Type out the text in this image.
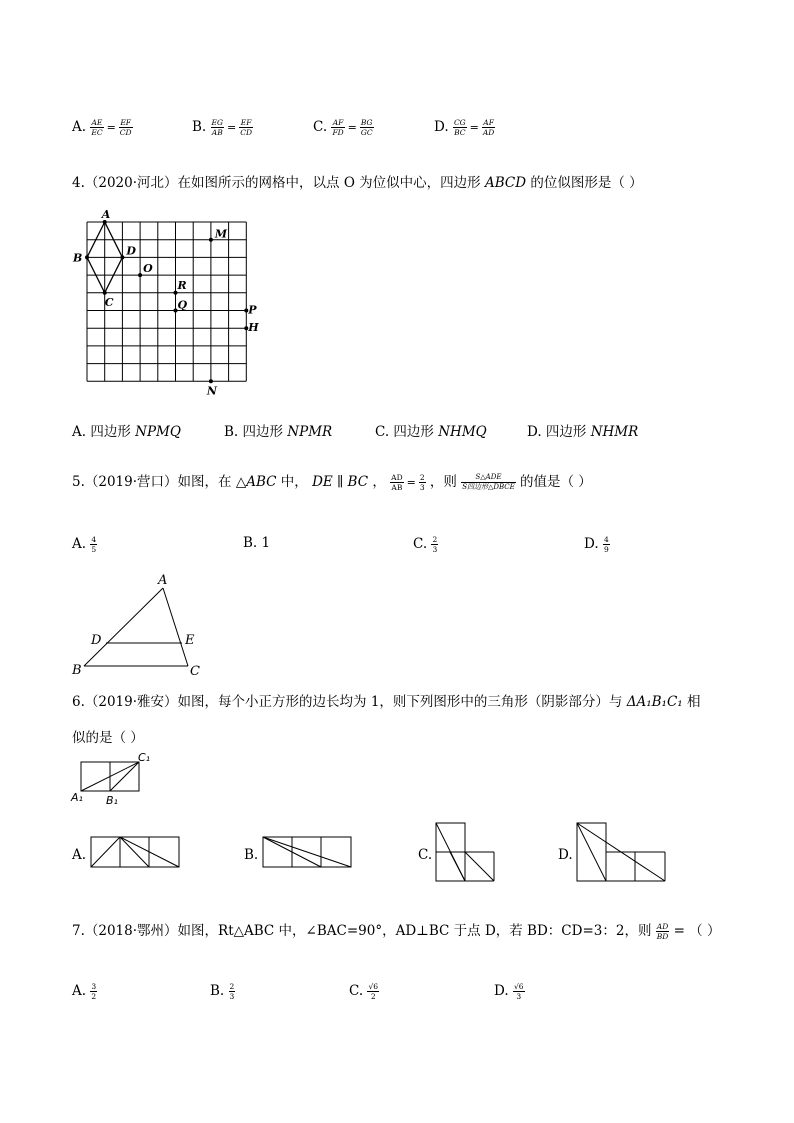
A. $\frac{AE}{EC} = \frac{EF}{CD}$	B. $\frac{EG}{AB} = \frac{EF}{CD}$	C. $\frac{AF}{FD} = \frac{BG}{GC}$	D. $\frac{CG}{BC} = \frac{AF}{AD}$
4.（2020·河北）在如图所示的网格中，以点 O 为位似中心，四边形 ABCD 的位似图形是（ ）
A
B
C
D
O
M
R
Q	P
H
N
A. 四边形 NPMQ	B. 四边形 NPMR	C. 四边形 NHMQ	D. 四边形 NHMR
5.（2019·营口）如图，在 △ABC 中， DE ∥ BC ， $\frac{AD}{AB} = \frac{2}{3}$ ，则 $\frac{\text{S△ADE}}{\text{S四边形△DBCE}}$ 的值是（ ）
A. $\frac{4}{5}$	B. 1	C. $\frac{2}{3}$	D. $\frac{4}{9}$
A
B	C
D	E
6.（2019·雅安）如图，每个小正方形的边长均为 1，则下列图形中的三角形（阴影部分）与 ΔA₁B₁C₁ 相
似的是（ ）
C₁
A₁ B₁
A.	B.	C.	D.
7.（2018·鄂州）如图，Rt△ABC 中，∠BAC=90°，AD⊥BC 于点 D，若 BD：CD=3：2，则 $\frac{AD}{BD}$ = （ ）
A. $\frac{3}{2}$	B. $\frac{2}{3}$	C. $\frac{√6}{2}$	D. $\frac{√6}{3}$
